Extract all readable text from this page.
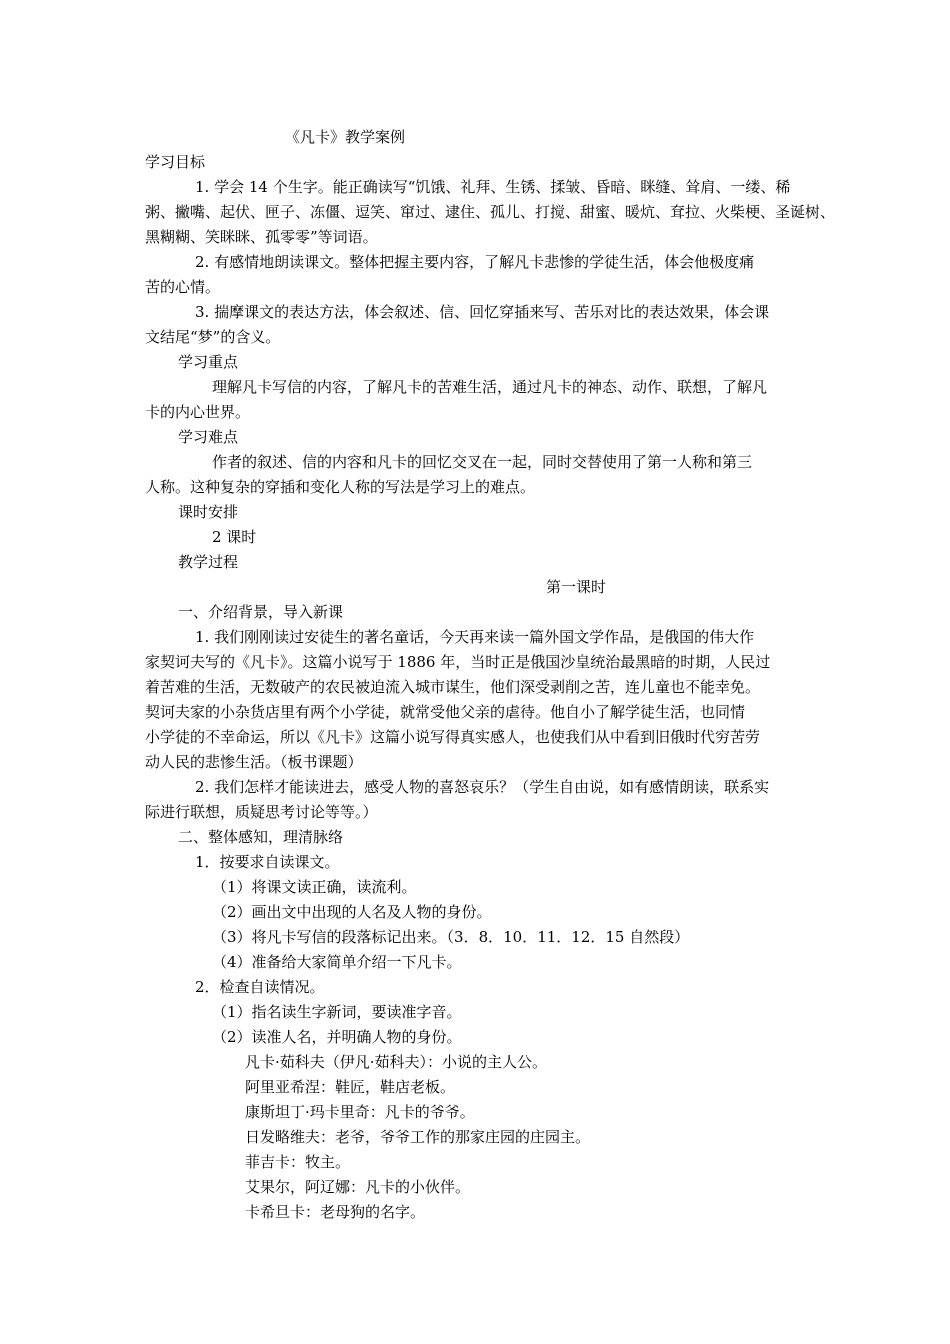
《凡卡》教学案例
学习目标
1. 学会 14 个生字。能正确读写“饥饿、礼拜、生锈、揉皱、昏暗、眯缝、耸肩、一缕、稀
粥、撇嘴、起伏、匣子、冻僵、逗笑、窜过、逮住、孤儿、打搅、甜蜜、暖炕、耷拉、火柴梗、圣诞树、
黑糊糊、笑眯眯、孤零零”等词语。
2. 有感情地朗读课文。整体把握主要内容，了解凡卡悲惨的学徒生活，体会他极度痛
苦的心情。
3. 揣摩课文的表达方法，体会叙述、信、回忆穿插来写、苦乐对比的表达效果，体会课
文结尾“梦”的含义。
学习重点
理解凡卡写信的内容，了解凡卡的苦难生活，通过凡卡的神态、动作、联想，了解凡
卡的内心世界。
学习难点
作者的叙述、信的内容和凡卡的回忆交叉在一起，同时交替使用了第一人称和第三
人称。这种复杂的穿插和变化人称的写法是学习上的难点。
课时安排
2 课时
教学过程
第一课时
一、介绍背景，导入新课
1. 我们刚刚读过安徒生的著名童话，今天再来读一篇外国文学作品，是俄国的伟大作
家契诃夫写的《凡卡》。这篇小说写于 1886 年，当时正是俄国沙皇统治最黑暗的时期，人民过
着苦难的生活，无数破产的农民被迫流入城市谋生，他们深受剥削之苦，连儿童也不能幸免。
契诃夫家的小杂货店里有两个小学徒，就常受他父亲的虐待。他自小了解学徒生活，也同情
小学徒的不幸命运，所以《凡卡》这篇小说写得真实感人，也使我们从中看到旧俄时代穷苦劳
动人民的悲惨生活。（板书课题）
2. 我们怎样才能读进去，感受人物的喜怒哀乐？（学生自由说，如有感情朗读，联系实
际进行联想，质疑思考讨论等等。）
二、整体感知，理清脉络
1．按要求自读课文。
（1）将课文读正确，读流利。
（2）画出文中出现的人名及人物的身份。
（3）将凡卡写信的段落标记出来。（3．8．10．11．12．15 自然段）
（4）准备给大家简单介绍一下凡卡。
2．检查自读情况。
（1）指名读生字新词，要读准字音。
（2）读准人名，并明确人物的身份。
凡卡·茹科夫（伊凡·茹科夫）：小说的主人公。
阿里亚希涅：鞋匠，鞋店老板。
康斯坦丁·玛卡里奇：凡卡的爷爷。
日发略维夫：老爷，爷爷工作的那家庄园的庄园主。
菲吉卡：牧主。
艾果尔，阿辽娜：凡卡的小伙伴。
卡希旦卡：老母狗的名字。
